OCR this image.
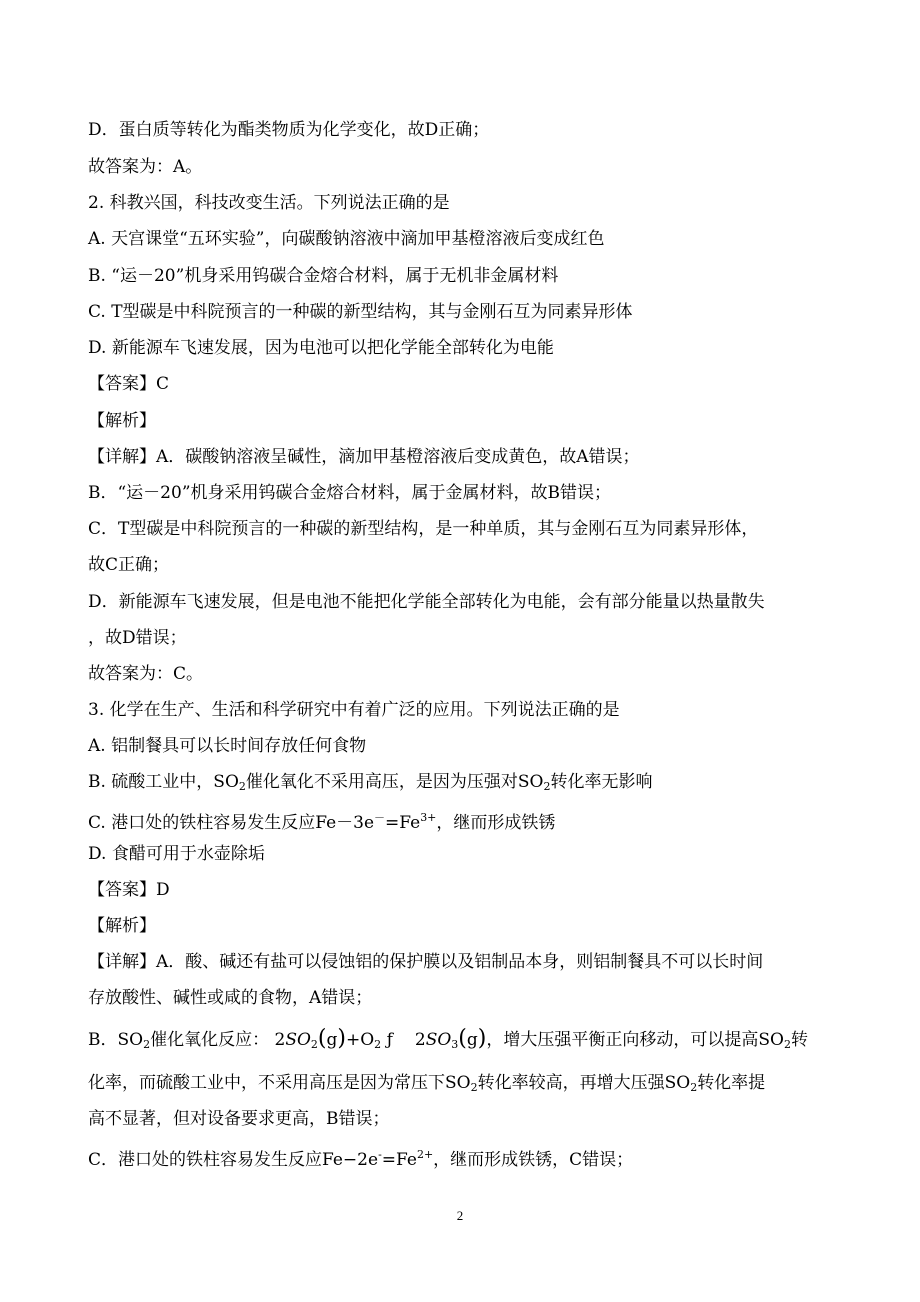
D．蛋白质等转化为酯类物质为化学变化，故D正确；
故答案为：A。
2. 科教兴国，科技改变生活。下列说法正确的是
A. 天宫课堂“五环实验”，向碳酸钠溶液中滴加甲基橙溶液后变成红色
B. “运－20”机身采用钨碳合金熔合材料，属于无机非金属材料
C. T型碳是中科院预言的一种碳的新型结构，其与金刚石互为同素异形体
D. 新能源车飞速发展，因为电池可以把化学能全部转化为电能
【答案】C
【解析】
【详解】A．碳酸钠溶液呈碱性，滴加甲基橙溶液后变成黄色，故A错误；
B．“运－20”机身采用钨碳合金熔合材料，属于金属材料，故B错误；
C．T型碳是中科院预言的一种碳的新型结构，是一种单质，其与金刚石互为同素异形体，
故C正确；
D．新能源车飞速发展，但是电池不能把化学能全部转化为电能，会有部分能量以热量散失
，故D错误；
故答案为：C。
3. 化学在生产、生活和科学研究中有着广泛的应用。下列说法正确的是
A. 铝制餐具可以长时间存放任何食物
B. 硫酸工业中，$SO_2$催化氧化不采用高压，是因为压强对$SO_2$转化率无影响
C. 港口处的铁柱容易发生反应$Fe-3e^-=Fe^{3+}$，继而形成铁锈
D. 食醋可用于水壶除垢
【答案】D
【解析】
【详解】A．酸、碱还有盐可以侵蚀铝的保护膜以及铝制品本身，则铝制餐具不可以长时间
存放酸性、碱性或咸的食物，A错误；
B．$SO_2$催化氧化反应： $2SO_2(g)+O_2$ ƒ $2SO_3(g)$，增大压强平衡正向移动，可以提高$SO_2$转
化率，而硫酸工业中，不采用高压是因为常压下$SO_2$转化率较高，再增大压强$SO_2$转化率提
高不显著，但对设备要求更高，B错误；
C．港口处的铁柱容易发生反应$Fe-2e^-=Fe^{2+}$，继而形成铁锈，C错误；
2
